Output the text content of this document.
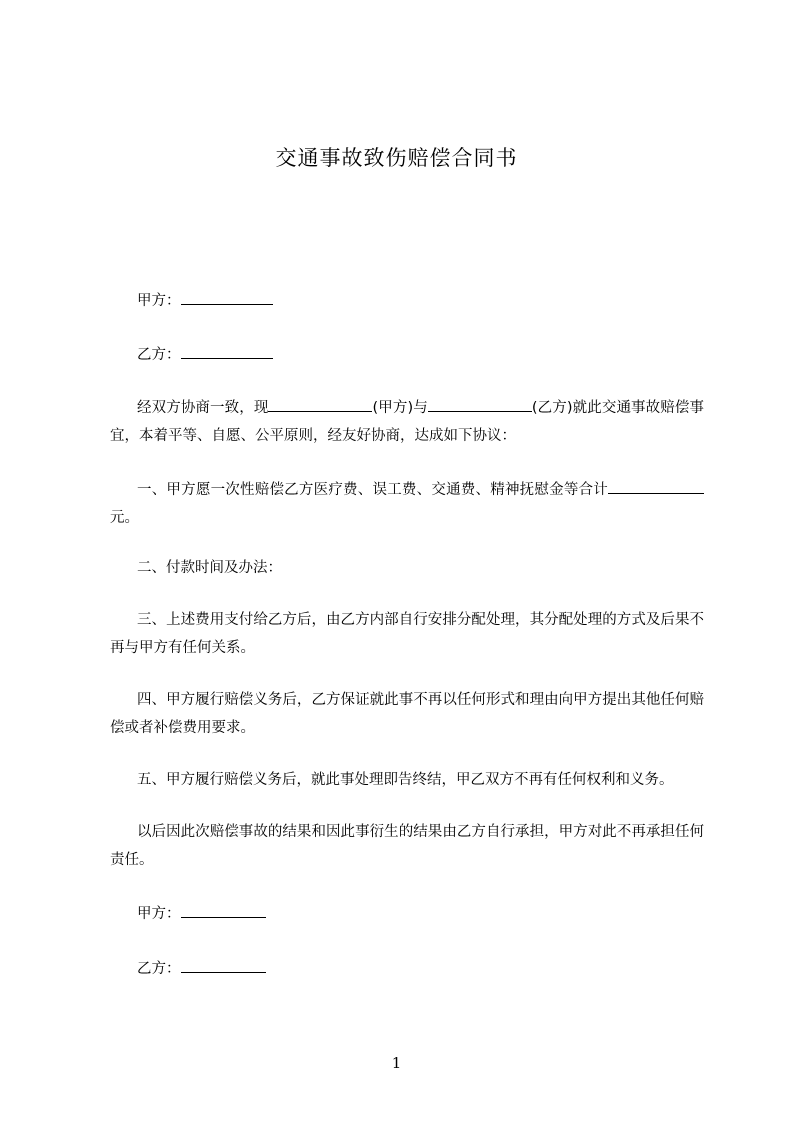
交通事故致伤赔偿合同书
甲方：
乙方：
经双方协商一致，现	(甲方)与	(乙方)就此交通事故赔偿事宜，本着平等、自愿、公平原则，经友好协商，达成如下协议：
一、甲方愿一次性赔偿乙方医疗费、误工费、交通费、精神抚慰金等合计元。
二、付款时间及办法：
三、上述费用支付给乙方后，由乙方内部自行安排分配处理，其分配处理的方式及后果不再与甲方有任何关系。
四、甲方履行赔偿义务后，乙方保证就此事不再以任何形式和理由向甲方提出其他任何赔偿或者补偿费用要求。
五、甲方履行赔偿义务后，就此事处理即告终结，甲乙双方不再有任何权利和义务。
以后因此次赔偿事故的结果和因此事衍生的结果由乙方自行承担，甲方对此不再承担任何责任。
甲方：
乙方：
1
